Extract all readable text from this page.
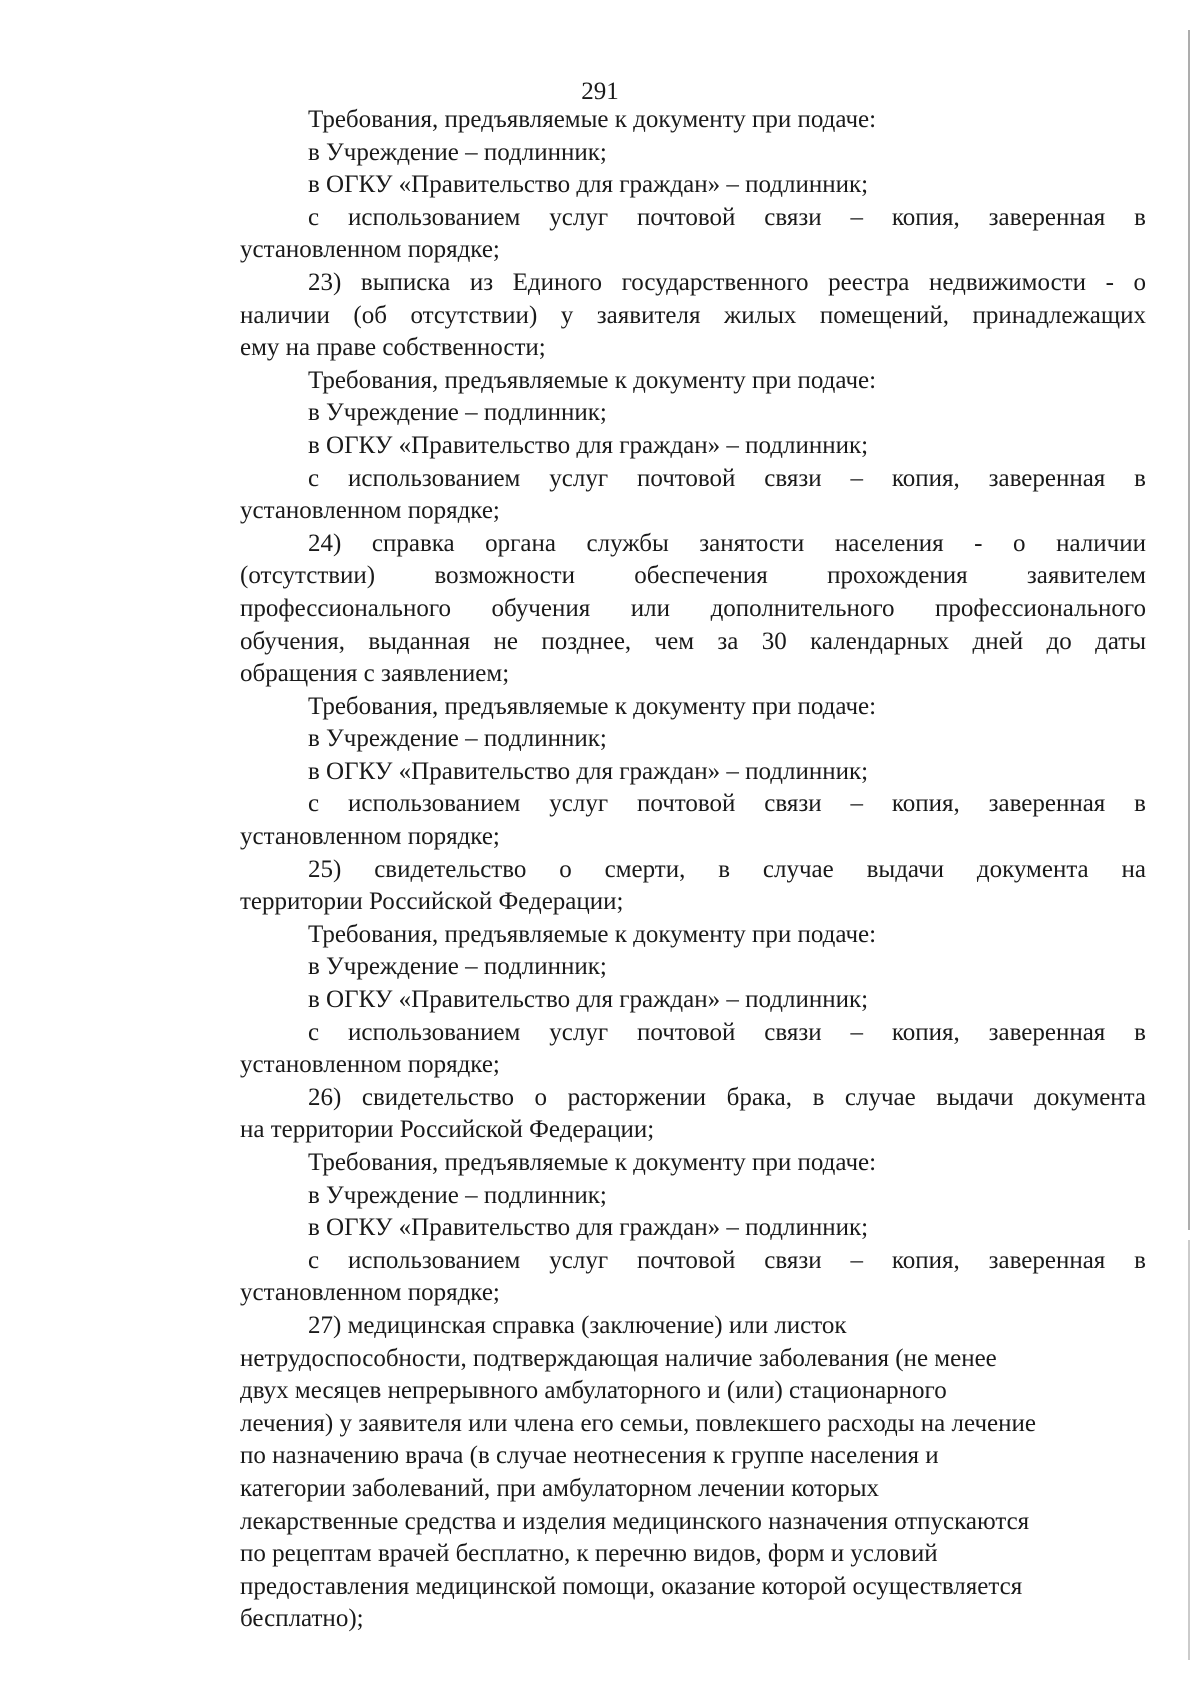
291
Требования, предъявляемые к документу при подаче:
в Учреждение – подлинник;
в ОГКУ «Правительство для граждан» – подлинник;
с использованием услуг почтовой связи – копия, заверенная в
установленном порядке;
23) выписка из Единого государственного реестра недвижимости - о
наличии (об отсутствии) у заявителя жилых помещений, принадлежащих
ему на праве собственности;
Требования, предъявляемые к документу при подаче:
в Учреждение – подлинник;
в ОГКУ «Правительство для граждан» – подлинник;
с использованием услуг почтовой связи – копия, заверенная в
установленном порядке;
24) справка органа службы занятости населения - о наличии
(отсутствии) возможности обеспечения прохождения заявителем
профессионального обучения или дополнительного профессионального
обучения, выданная не позднее, чем за 30 календарных дней до даты
обращения с заявлением;
Требования, предъявляемые к документу при подаче:
в Учреждение – подлинник;
в ОГКУ «Правительство для граждан» – подлинник;
с использованием услуг почтовой связи – копия, заверенная в
установленном порядке;
25) свидетельство о смерти, в случае выдачи документа на
территории Российской Федерации;
Требования, предъявляемые к документу при подаче:
в Учреждение – подлинник;
в ОГКУ «Правительство для граждан» – подлинник;
с использованием услуг почтовой связи – копия, заверенная в
установленном порядке;
26) свидетельство о расторжении брака, в случае выдачи документа
на территории Российской Федерации;
Требования, предъявляемые к документу при подаче:
в Учреждение – подлинник;
в ОГКУ «Правительство для граждан» – подлинник;
с использованием услуг почтовой связи – копия, заверенная в
установленном порядке;
27) медицинская справка (заключение) или листок
нетрудоспособности, подтверждающая наличие заболевания (не менее
двух месяцев непрерывного амбулаторного и (или) стационарного
лечения) у заявителя или члена его семьи, повлекшего расходы на лечение
по назначению врача (в случае неотнесения к группе населения и
категории заболеваний, при амбулаторном лечении которых
лекарственные средства и изделия медицинского назначения отпускаются
по рецептам врачей бесплатно, к перечню видов, форм и условий
предоставления медицинской помощи, оказание которой осуществляется
бесплатно);
